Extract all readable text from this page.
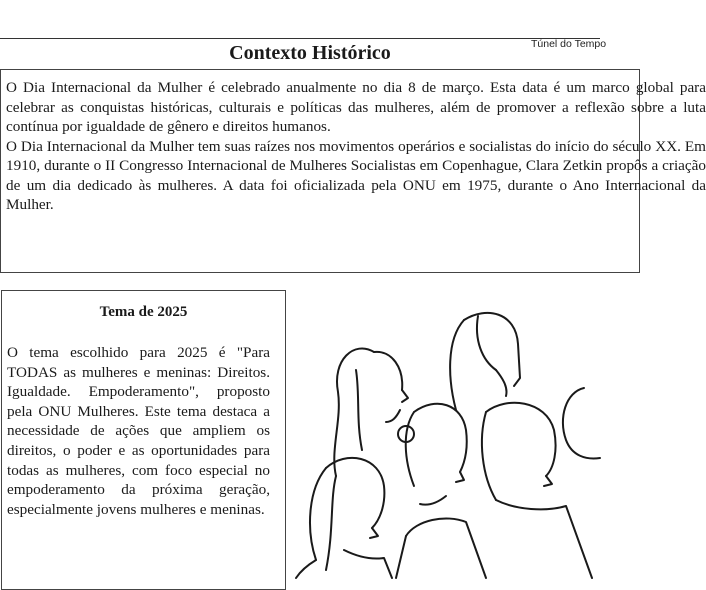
Contexto Histórico	Túnel do Tempo

O Dia Internacional da Mulher é celebrado anualmente no dia 8 de março. Esta data é um marco global para celebrar as conquistas históricas, culturais e políticas das mulheres, além de promover a reflexão sobre a luta contínua por igualdade de gênero e direitos humanos.

O Dia Internacional da Mulher tem suas raízes nos movimentos operários e socialistas do início do século XX. Em 1910, durante o II Congresso Internacional de Mulheres Socialistas em Copenhague, Clara Zetkin propôs a criação de um dia dedicado às mulheres. A data foi oficializada pela ONU em 1975, durante o Ano Internacional da Mulher.

Tema de 2025

O tema escolhido para 2025 é "Para TODAS as mulheres e meninas: Direitos. Igualdade. Empoderamento", proposto pela ONU Mulheres. Este tema destaca a necessidade de ações que ampliem os direitos, o poder e as oportunidades para todas as mulheres, com foco especial no empoderamento da próxima geração, especialmente jovens mulheres e meninas.
